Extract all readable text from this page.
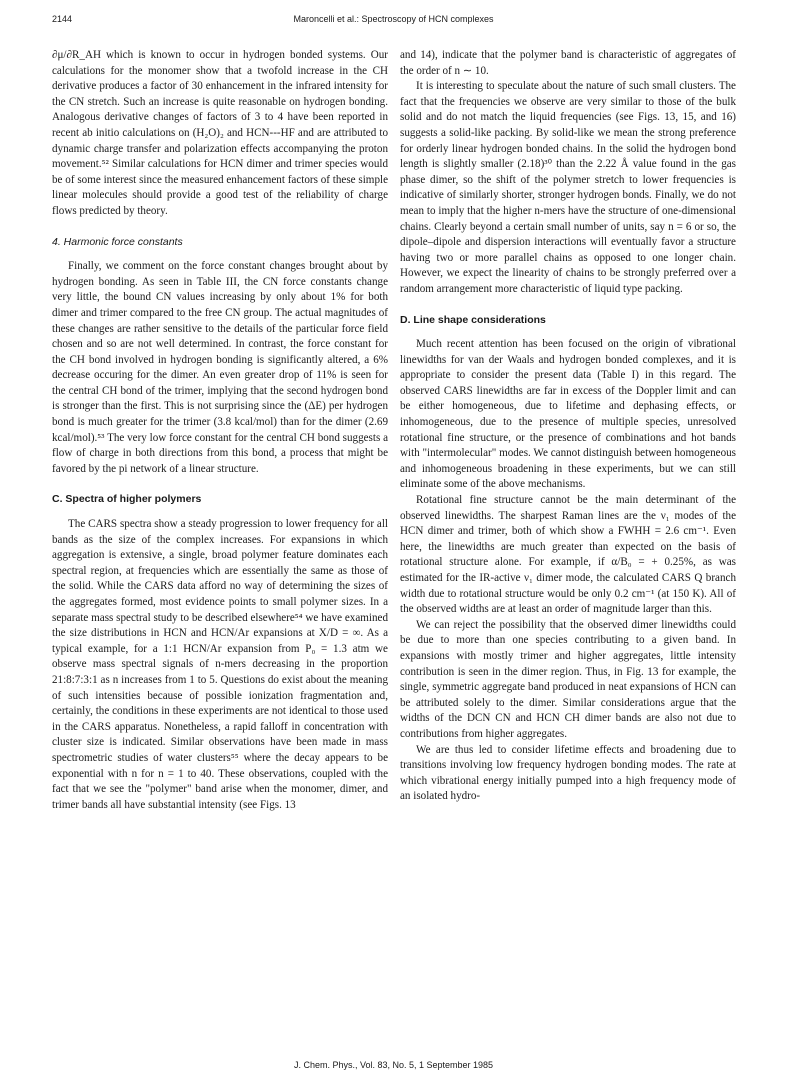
2144	Maroncelli et al.: Spectroscopy of HCN complexes

∂μ/∂R_AH which is known to occur in hydrogen bonded systems. Our calculations for the monomer show that a twofold increase in the CH derivative produces a factor of 30 enhancement in the infrared intensity for the CN stretch. Such an increase is quite reasonable on hydrogen bonding. Analogous derivative changes of factors of 3 to 4 have been reported in recent ab initio calculations on (H₂O)₂ and HCN---HF and are attributed to dynamic charge transfer and polarization effects accompanying the proton movement.⁵² Similar calculations for HCN dimer and trimer species would be of some interest since the measured enhancement factors of these simple linear molecules should provide a good test of the reliability of charge flows predicted by theory.

4. Harmonic force constants

Finally, we comment on the force constant changes brought about by hydrogen bonding. As seen in Table III, the CN force constants change very little, the bound CN values increasing by only about 1% for both dimer and trimer compared to the free CN group. The actual magnitudes of these changes are rather sensitive to the details of the particular force field chosen and so are not well determined. In contrast, the force constant for the CH bond involved in hydrogen bonding is significantly altered, a 6% decrease occuring for the dimer. An even greater drop of 11% is seen for the central CH bond of the trimer, implying that the second hydrogen bond is stronger than the first. This is not surprising since the (ΔE) per hydrogen bond is much greater for the trimer (3.8 kcal/mol) than for the dimer (2.69 kcal/mol).⁵³ The very low force constant for the central CH bond suggests a flow of charge in both directions from this bond, a process that might be favored by the pi network of a linear structure.

C. Spectra of higher polymers

The CARS spectra show a steady progression to lower frequency for all bands as the size of the complex increases. For expansions in which aggregation is extensive, a single, broad polymer feature dominates each spectral region, at frequencies which are essentially the same as those of the solid. While the CARS data afford no way of determining the sizes of the aggregates formed, most evidence points to small polymer sizes. In a separate mass spectral study to be described elsewhere⁵⁴ we have examined the size distributions in HCN and HCN/Ar expansions at X/D = ∞. As a typical example, for a 1:1 HCN/Ar expansion from P₀ = 1.3 atm we observe mass spectral signals of n-mers decreasing in the proportion 21:8:7:3:1 as n increases from 1 to 5. Questions do exist about the meaning of such intensities because of possible ionization fragmentation and, certainly, the conditions in these experiments are not identical to those used in the CARS apparatus. Nonetheless, a rapid falloff in concentration with cluster size is indicated. Similar observations have been made in mass spectrometric studies of water clusters⁵⁵ where the decay appears to be exponential with n for n = 1 to 40. These observations, coupled with the fact that we see the "polymer" band arise when the monomer, dimer, and trimer bands all have substantial intensity (see Figs. 13

and 14), indicate that the polymer band is characteristic of aggregates of the order of n ∼ 10.

It is interesting to speculate about the nature of such small clusters. The fact that the frequencies we observe are very similar to those of the bulk solid and do not match the liquid frequencies (see Figs. 13, 15, and 16) suggests a solid-like packing. By solid-like we mean the strong preference for orderly linear hydrogen bonded chains. In the solid the hydrogen bond length is slightly smaller (2.18)³⁰ than the 2.22 Å value found in the gas phase dimer, so the shift of the polymer stretch to lower frequencies is indicative of similarly shorter, stronger hydrogen bonds. Finally, we do not mean to imply that the higher n-mers have the structure of one-dimensional chains. Clearly beyond a certain small number of units, say n = 6 or so, the dipole–dipole and dispersion interactions will eventually favor a structure having two or more parallel chains as opposed to one longer chain. However, we expect the linearity of chains to be strongly preferred over a random arrangement more characteristic of liquid type packing.

D. Line shape considerations

Much recent attention has been focused on the origin of vibrational linewidths for van der Waals and hydrogen bonded complexes, and it is appropriate to consider the present data (Table I) in this regard. The observed CARS linewidths are far in excess of the Doppler limit and can be either homogeneous, due to lifetime and dephasing effects, or inhomogeneous, due to the presence of multiple species, unresolved rotational fine structure, or the presence of combinations and hot bands with "intermolecular" modes. We cannot distinguish between homogeneous and inhomogeneous broadening in these experiments, but we can still eliminate some of the above mechanisms.

Rotational fine structure cannot be the main determinant of the observed linewidths. The sharpest Raman lines are the ν₁ modes of the HCN dimer and trimer, both of which show a FWHH = 2.6 cm⁻¹. Even here, the linewidths are much greater than expected on the basis of rotational structure alone. For example, if α/B₀ = + 0.25%, as was estimated for the IR-active ν₁ dimer mode, the calculated CARS Q branch width due to rotational structure would be only 0.2 cm⁻¹ (at 150 K). All of the observed widths are at least an order of magnitude larger than this.

We can reject the possibility that the observed dimer linewidths could be due to more than one species contributing to a given band. In expansions with mostly trimer and higher aggregates, little intensity contribution is seen in the dimer region. Thus, in Fig. 13 for example, the single, symmetric aggregate band produced in neat expansions of HCN can be attributed solely to the dimer. Similar considerations argue that the widths of the DCN CN and HCN CH dimer bands are also not due to contributions from higher aggregates.

We are thus led to consider lifetime effects and broadening due to transitions involving low frequency hydrogen bonding modes. The rate at which vibrational energy initially pumped into a high frequency mode of an isolated hydro-

J. Chem. Phys., Vol. 83, No. 5, 1 September 1985
